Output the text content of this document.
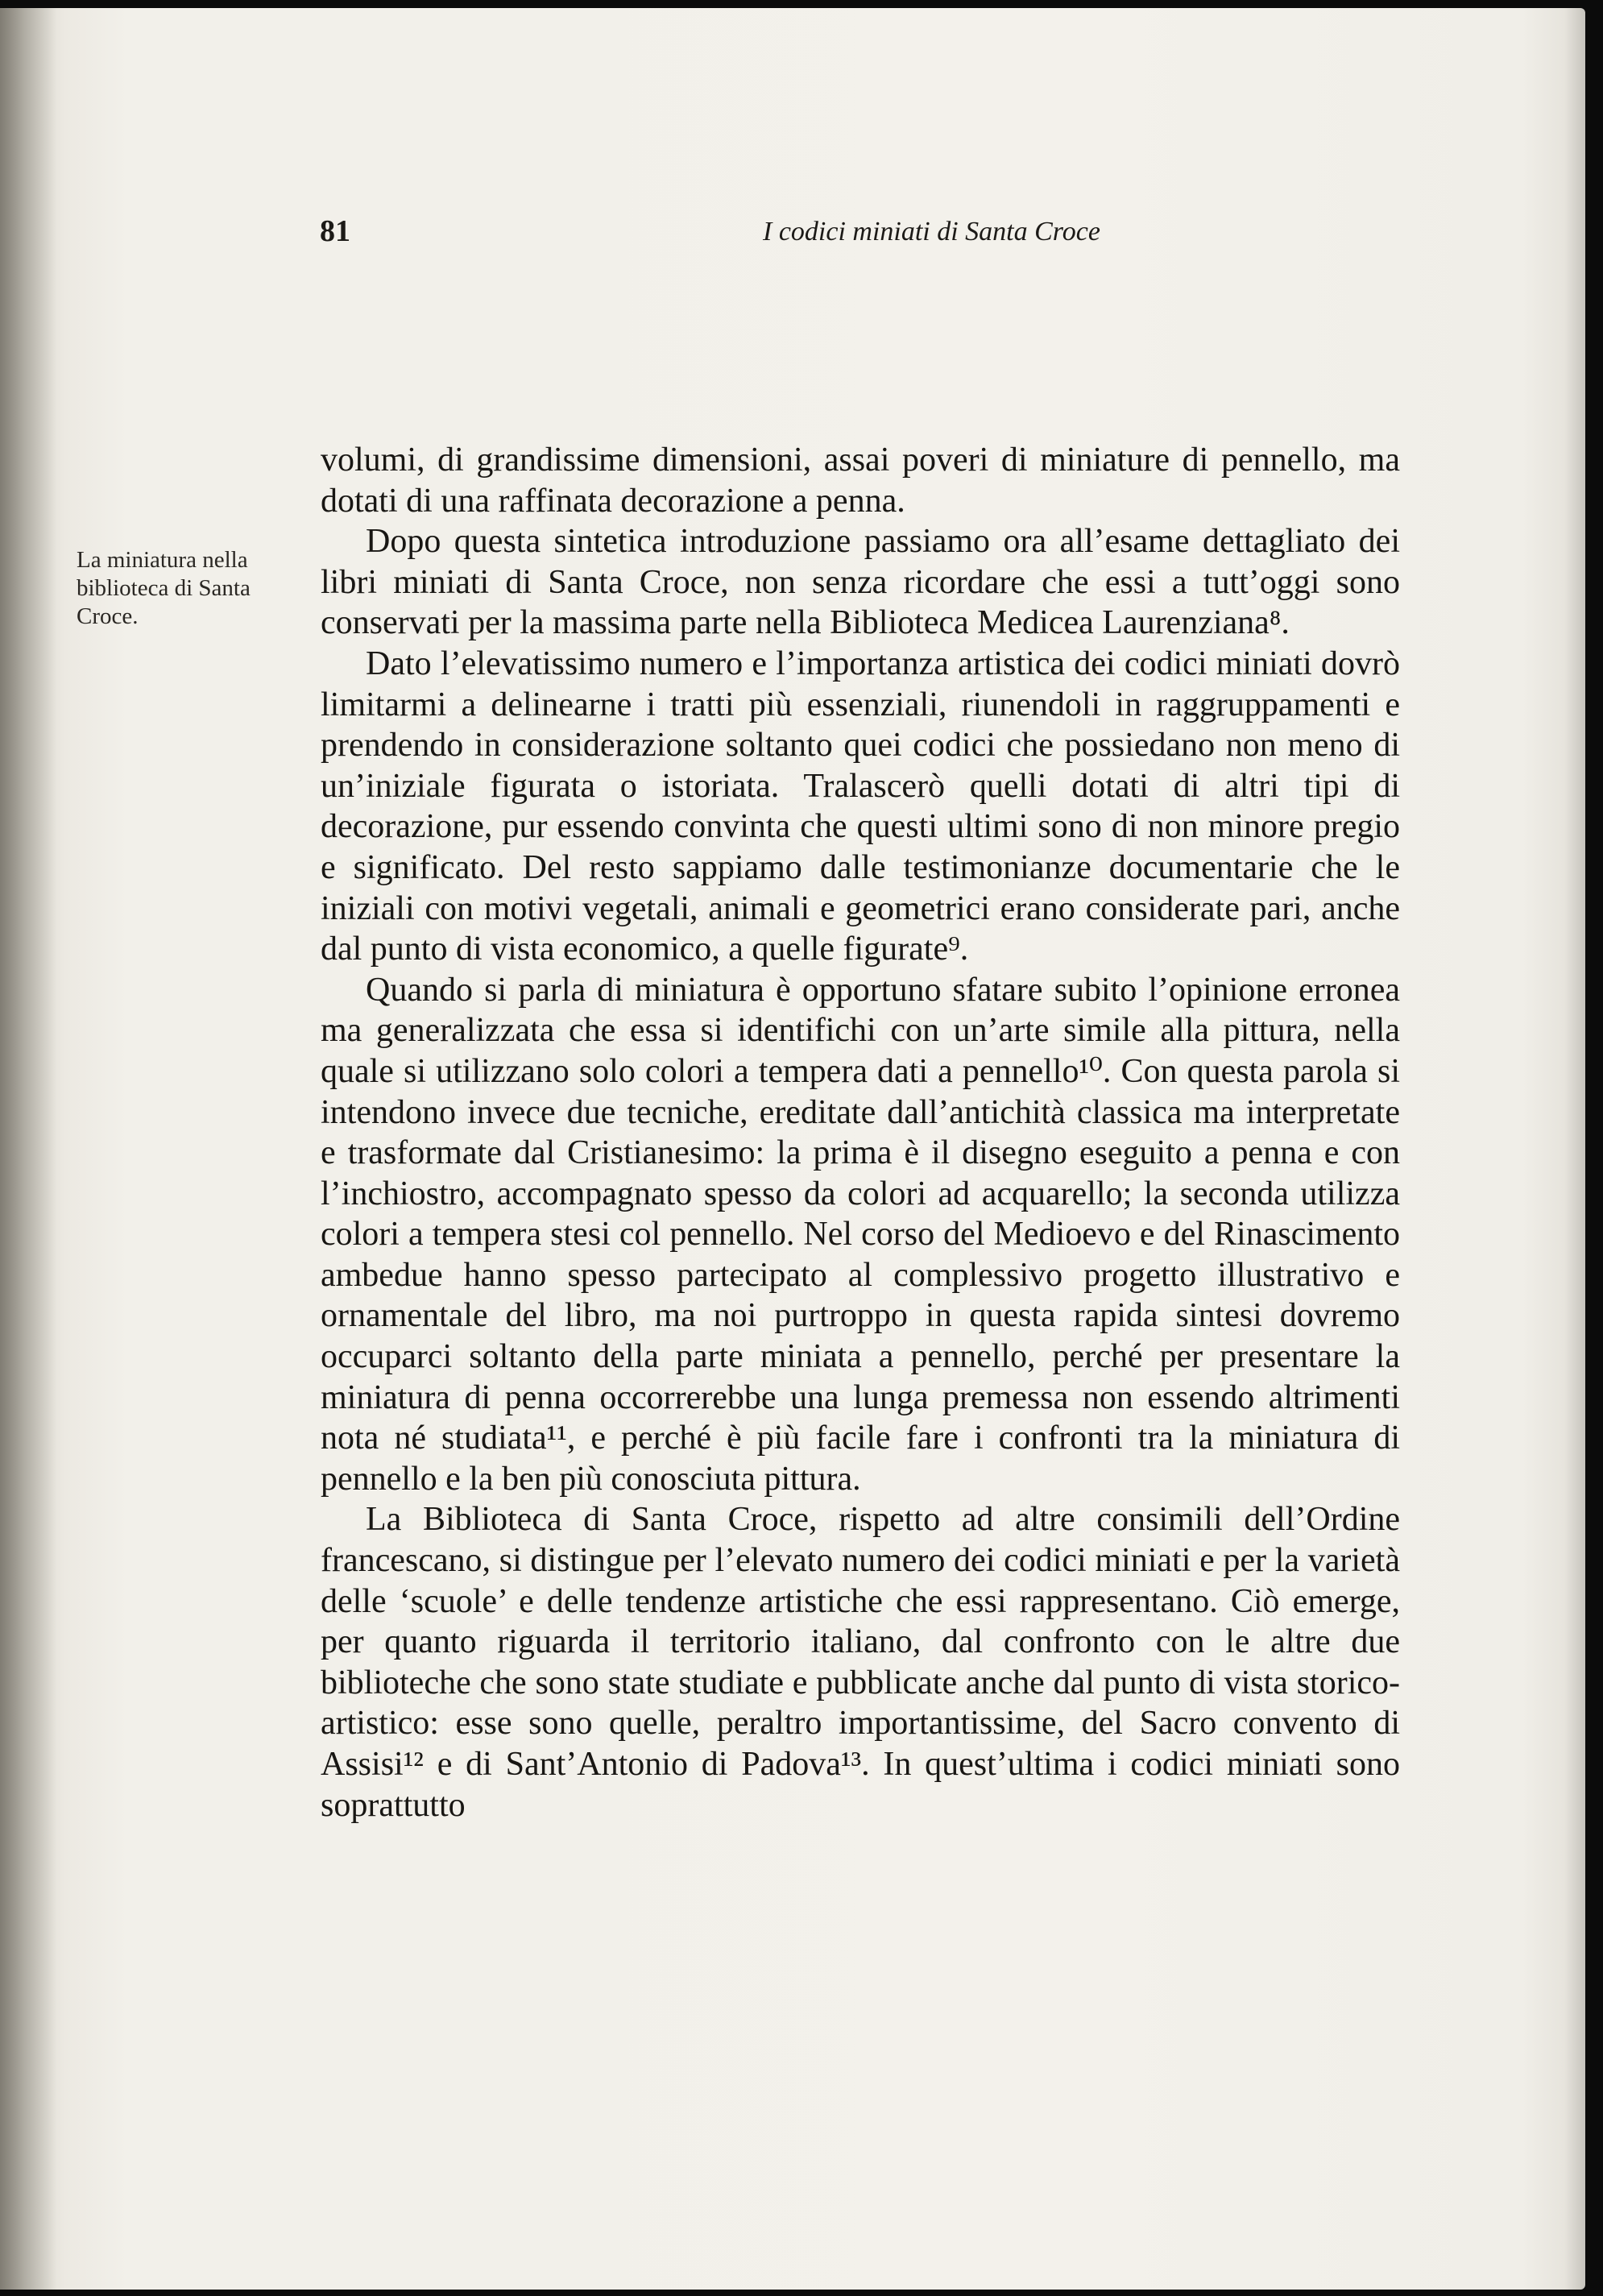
81	I codici miniati di Santa Croce
La miniatura nella biblioteca di Santa Croce.

volumi, di grandissime dimensioni, assai poveri di miniature di pennello, ma dotati di una raffinata decorazione a penna.

Dopo questa sintetica introduzione passiamo ora all’esame dettagliato dei libri miniati di Santa Croce, non senza ricordare che essi a tutt’oggi sono conservati per la massima parte nella Biblioteca Medicea Laurenziana⁸.

Dato l’elevatissimo numero e l’importanza artistica dei codici miniati dovrò limitarmi a delinearne i tratti più essenziali, riunendoli in raggruppamenti e prendendo in considerazione soltanto quei codici che possiedano non meno di un’iniziale figurata o istoriata. Tralascerò quelli dotati di altri tipi di decorazione, pur essendo convinta che questi ultimi sono di non minore pregio e significato. Del resto sappiamo dalle testimonianze documentarie che le iniziali con motivi vegetali, animali e geometrici erano considerate pari, anche dal punto di vista economico, a quelle figurate⁹.

Quando si parla di miniatura è opportuno sfatare subito l’opinione erronea ma generalizzata che essa si identifichi con un’arte simile alla pittura, nella quale si utilizzano solo colori a tempera dati a pennello¹⁰. Con questa parola si intendono invece due tecniche, ereditate dall’antichità classica ma interpretate e trasformate dal Cristianesimo: la prima è il disegno eseguito a penna e con l’inchiostro, accompagnato spesso da colori ad acquarello; la seconda utilizza colori a tempera stesi col pennello. Nel corso del Medioevo e del Rinascimento ambedue hanno spesso partecipato al complessivo progetto illustrativo e ornamentale del libro, ma noi purtroppo in questa rapida sintesi dovremo occuparci soltanto della parte miniata a pennello, perché per presentare la miniatura di penna occorrerebbe una lunga premessa non essendo altrimenti nota né studiata¹¹, e perché è più facile fare i confronti tra la miniatura di pennello e la ben più conosciuta pittura.

La Biblioteca di Santa Croce, rispetto ad altre consimili dell’Ordine francescano, si distingue per l’elevato numero dei codici miniati e per la varietà delle ‘scuole’ e delle tendenze artistiche che essi rappresentano. Ciò emerge, per quanto riguarda il territorio italiano, dal confronto con le altre due biblioteche che sono state studiate e pubblicate anche dal punto di vista storico-artistico: esse sono quelle, peraltro importantissime, del Sacro convento di Assisi¹² e di Sant’Antonio di Padova¹³. In quest’ultima i codici miniati sono soprattutto
